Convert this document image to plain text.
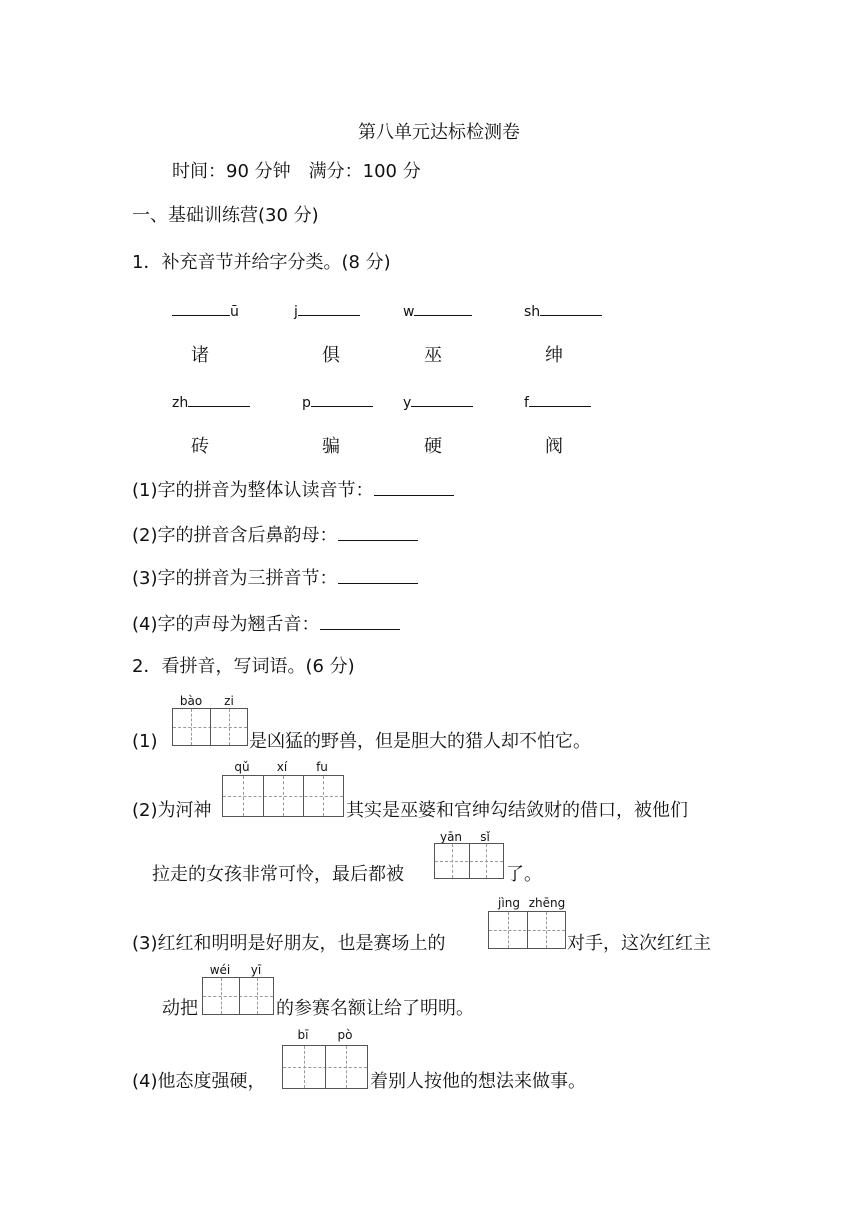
第八单元达标检测卷
时间：90 分钟　满分：100 分
一、基础训练营(30 分)
1．补充音节并给字分类。(8 分)
ū	j	w	sh
诸	俱	巫	绅
zh	p	y	f
砖	骗	硬	阀
(1)字的拼音为整体认读音节：
(2)字的拼音含后鼻韵母：
(3)字的拼音为三拼音节：
(4)字的声母为翘舌音：
2．看拼音，写词语。(6 分)
(1)
bào	zi
是凶猛的野兽，但是胆大的猎人却不怕它。
(2)为河神
qǔ	xí	fu
其实是巫婆和官绅勾结敛财的借口，被他们
拉走的女孩非常可怜，最后都被
yān	sǐ
了。
(3)红红和明明是好朋友，也是赛场上的
jìng zhēng
对手，这次红红主
动把
wéi	yī
的参赛名额让给了明明。
(4)他态度强硬，
bī	pò
着别人按他的想法来做事。
